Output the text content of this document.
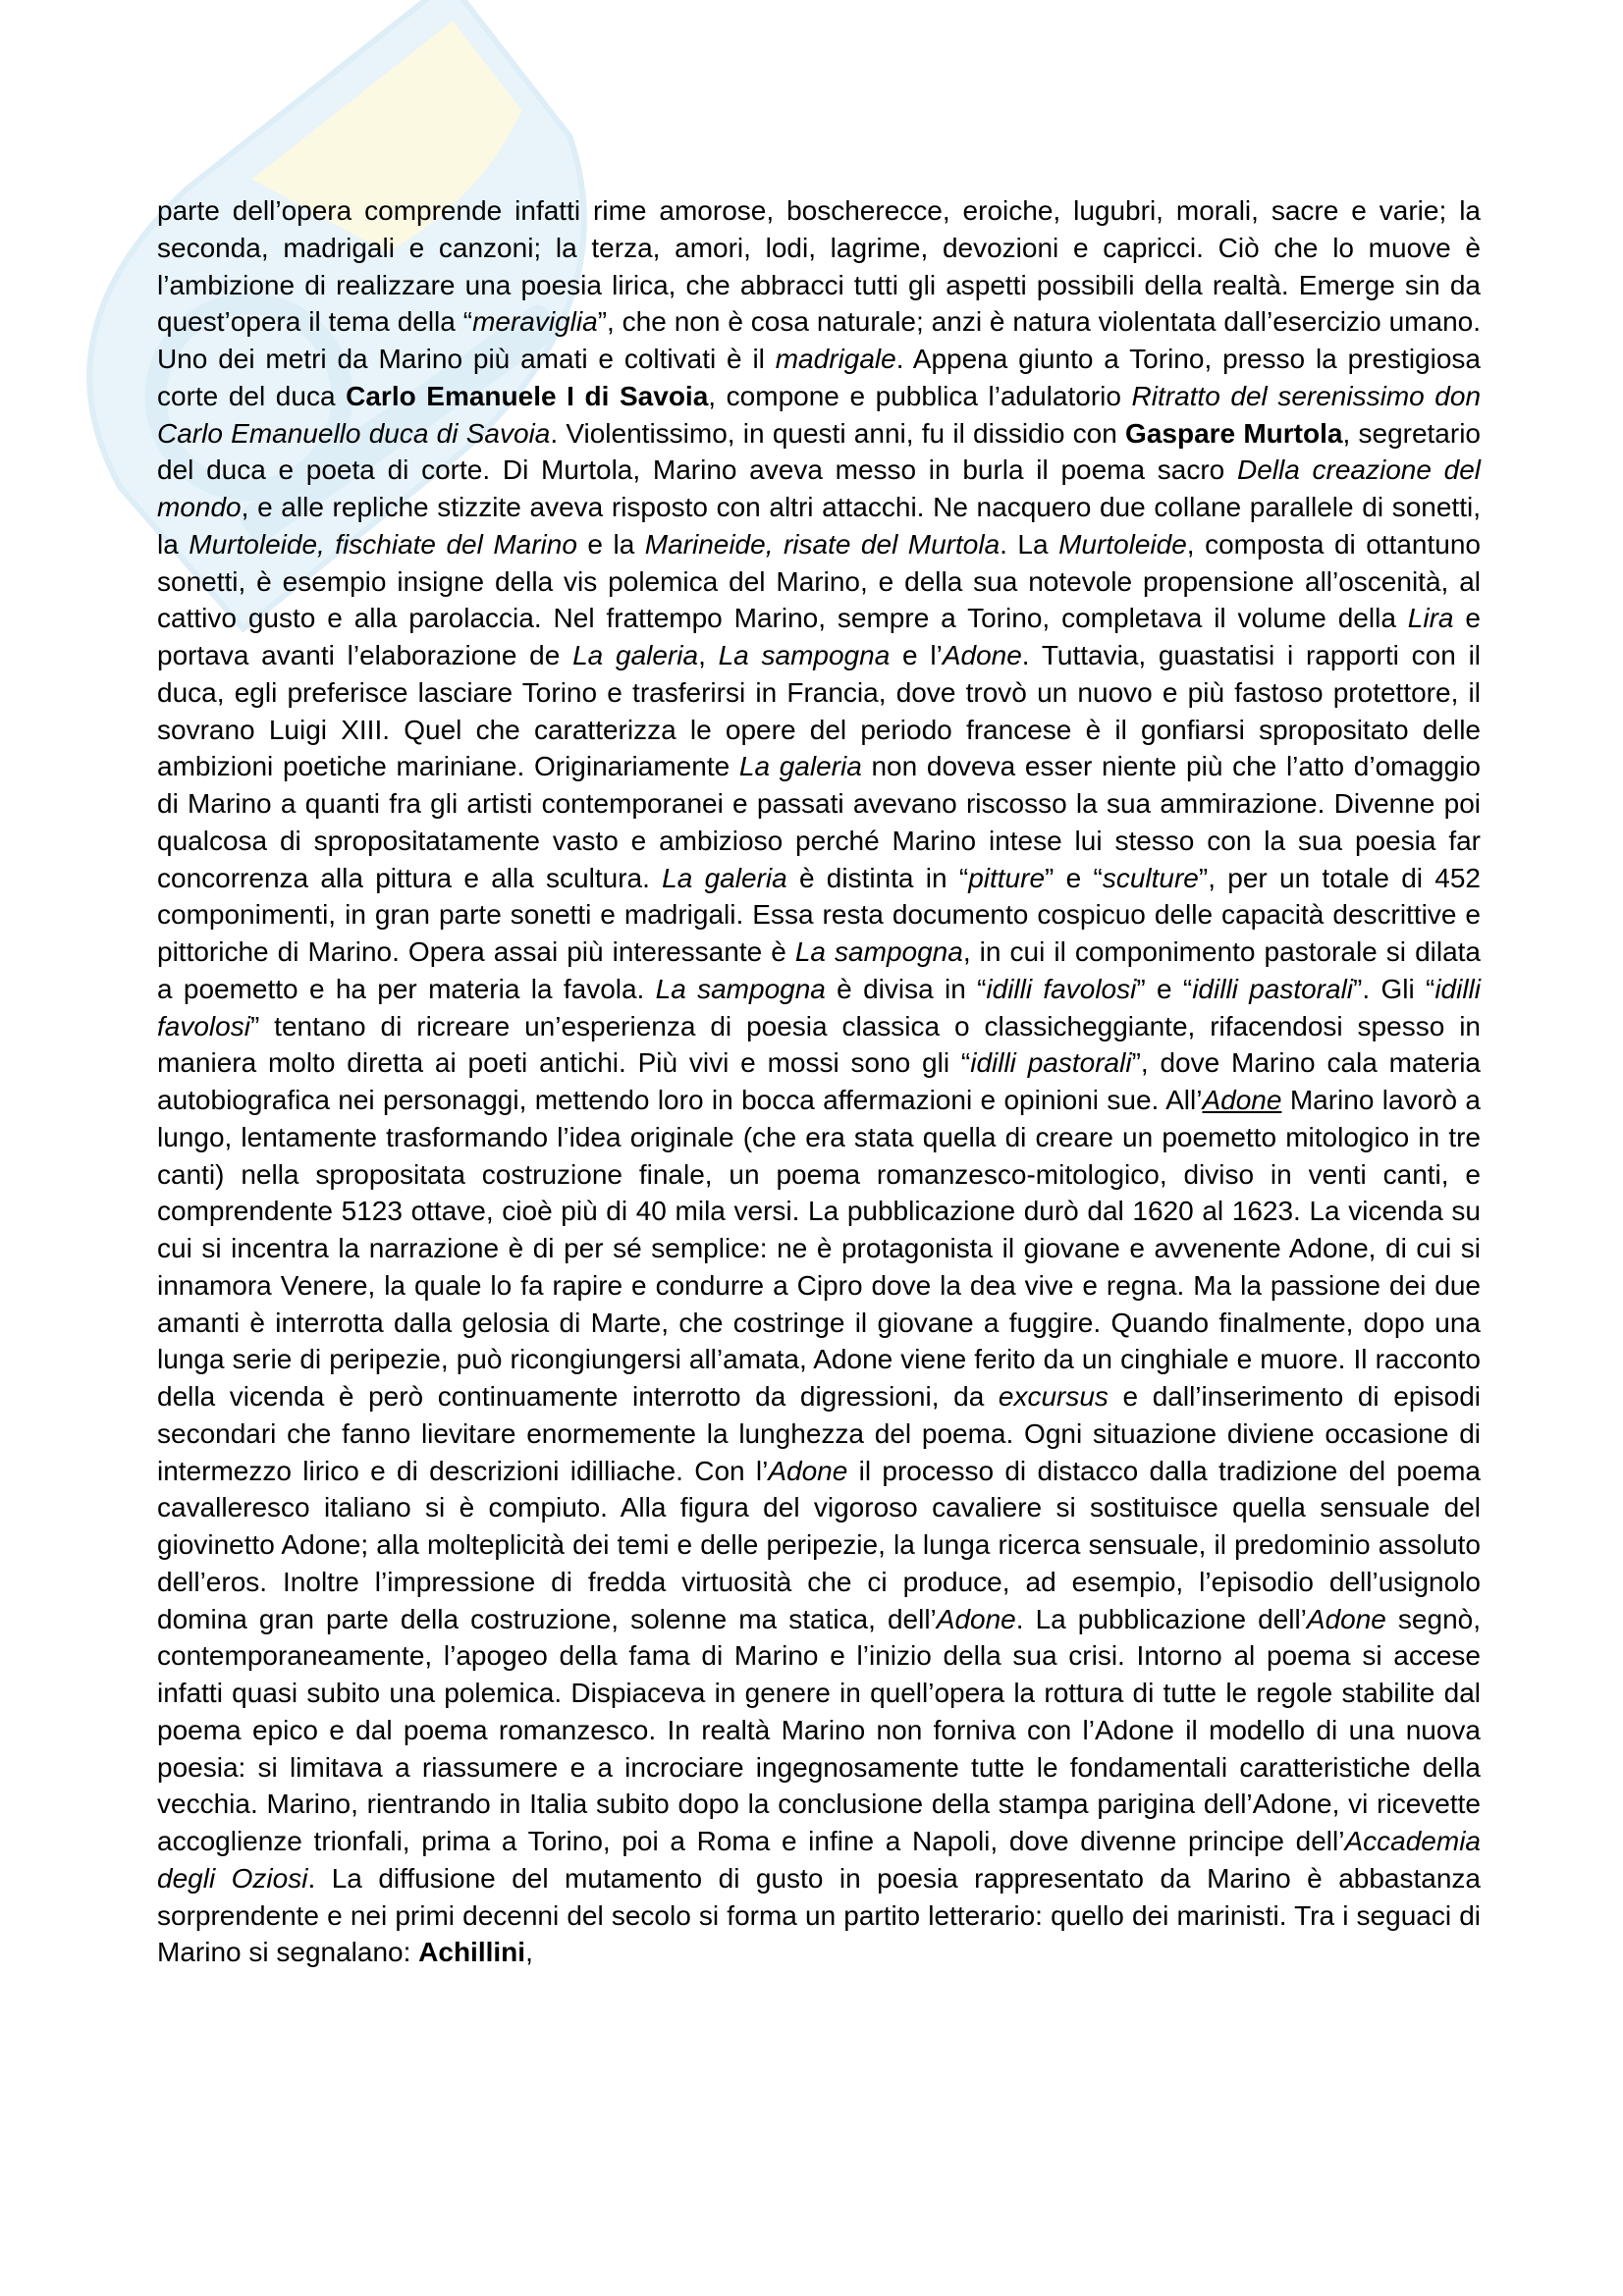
parte dell’opera comprende infatti rime amorose, boscherecce, eroiche, lugubri, morali, sacre e varie; la seconda, madrigali e canzoni; la terza, amori, lodi, lagrime, devozioni e capricci. Ciò che lo muove è l’ambizione di realizzare una poesia lirica, che abbracci tutti gli aspetti possibili della realtà. Emerge sin da quest’opera il tema della “meraviglia”, che non è cosa naturale; anzi è natura violentata dall’esercizio umano. Uno dei metri da Marino più amati e coltivati è il madrigale. Appena giunto a Torino, presso la prestigiosa corte del duca Carlo Emanuele I di Savoia, compone e pubblica l’adulatorio Ritratto del serenissimo don Carlo Emanuello duca di Savoia. Violentissimo, in questi anni, fu il dissidio con Gaspare Murtola, segretario del duca e poeta di corte. Di Murtola, Marino aveva messo in burla il poema sacro Della creazione del mondo, e alle repliche stizzite aveva risposto con altri attacchi. Ne nacquero due collane parallele di sonetti, la Murtoleide, fischiate del Marino e la Marineide, risate del Murtola. La Murtoleide, composta di ottantuno sonetti, è esempio insigne della vis polemica del Marino, e della sua notevole propensione all’oscenità, al cattivo gusto e alla parolaccia. Nel frattempo Marino, sempre a Torino, completava il volume della Lira e portava avanti l’elaborazione de La galeria, La sampogna e l’Adone. Tuttavia, guastatisi i rapporti con il duca, egli preferisce lasciare Torino e trasferirsi in Francia, dove trovò un nuovo e più fastoso protettore, il sovrano Luigi XIII. Quel che caratterizza le opere del periodo francese è il gonfiarsi spropositato delle ambizioni poetiche mariniane. Originariamente La galeria non doveva esser niente più che l’atto d’omaggio di Marino a quanti fra gli artisti contemporanei e passati avevano riscosso la sua ammirazione. Divenne poi qualcosa di spropositatamente vasto e ambizioso perché Marino intese lui stesso con la sua poesia far concorrenza alla pittura e alla scultura. La galeria è distinta in “pitture” e “sculture”, per un totale di 452 componimenti, in gran parte sonetti e madrigali. Essa resta documento cospicuo delle capacità descrittive e pittoriche di Marino. Opera assai più interessante è La sampogna, in cui il componimento pastorale si dilata a poemetto e ha per materia la favola. La sampogna è divisa in “idilli favolosi” e “idilli pastorali”. Gli “idilli favolosi” tentano di ricreare un’esperienza di poesia classica o classicheggiante, rifacendosi spesso in maniera molto diretta ai poeti antichi. Più vivi e mossi sono gli “idilli pastorali”, dove Marino cala materia autobiografica nei personaggi, mettendo loro in bocca affermazioni e opinioni sue. All’Adone Marino lavorò a lungo, lentamente trasformando l’idea originale (che era stata quella di creare un poemetto mitologico in tre canti) nella spropositata costruzione finale, un poema romanzesco-mitologico, diviso in venti canti, e comprendente 5123 ottave, cioè più di 40 mila versi. La pubblicazione durò dal 1620 al 1623. La vicenda su cui si incentra la narrazione è di per sé semplice: ne è protagonista il giovane e avvenente Adone, di cui si innamora Venere, la quale lo fa rapire e condurre a Cipro dove la dea vive e regna. Ma la passione dei due amanti è interrotta dalla gelosia di Marte, che costringe il giovane a fuggire. Quando finalmente, dopo una lunga serie di peripezie, può ricongiungersi all’amata, Adone viene ferito da un cinghiale e muore. Il racconto della vicenda è però continuamente interrotto da digressioni, da excursus e dall’inserimento di episodi secondari che fanno lievitare enormemente la lunghezza del poema. Ogni situazione diviene occasione di intermezzo lirico e di descrizioni idilliache. Con l’Adone il processo di distacco dalla tradizione del poema cavalleresco italiano si è compiuto. Alla figura del vigoroso cavaliere si sostituisce quella sensuale del giovinetto Adone; alla molteplicità dei temi e delle peripezie, la lunga ricerca sensuale, il predominio assoluto dell’eros. Inoltre l’impressione di fredda virtuosità che ci produce, ad esempio, l’episodio dell’usignolo domina gran parte della costruzione, solenne ma statica, dell’Adone. La pubblicazione dell’Adone segnò, contemporaneamente, l’apogeo della fama di Marino e l’inizio della sua crisi. Intorno al poema si accese infatti quasi subito una polemica. Dispiaceva in genere in quell’opera la rottura di tutte le regole stabilite dal poema epico e dal poema romanzesco. In realtà Marino non forniva con l’Adone il modello di una nuova poesia: si limitava a riassumere e a incrociare ingegnosamente tutte le fondamentali caratteristiche della vecchia. Marino, rientrando in Italia subito dopo la conclusione della stampa parigina dell’Adone, vi ricevette accoglienze trionfali, prima a Torino, poi a Roma e infine a Napoli, dove divenne principe dell’Accademia degli Oziosi. La diffusione del mutamento di gusto in poesia rappresentato da Marino è abbastanza sorprendente e nei primi decenni del secolo si forma un partito letterario: quello dei marinisti. Tra i seguaci di Marino si segnalano: Achillini,
